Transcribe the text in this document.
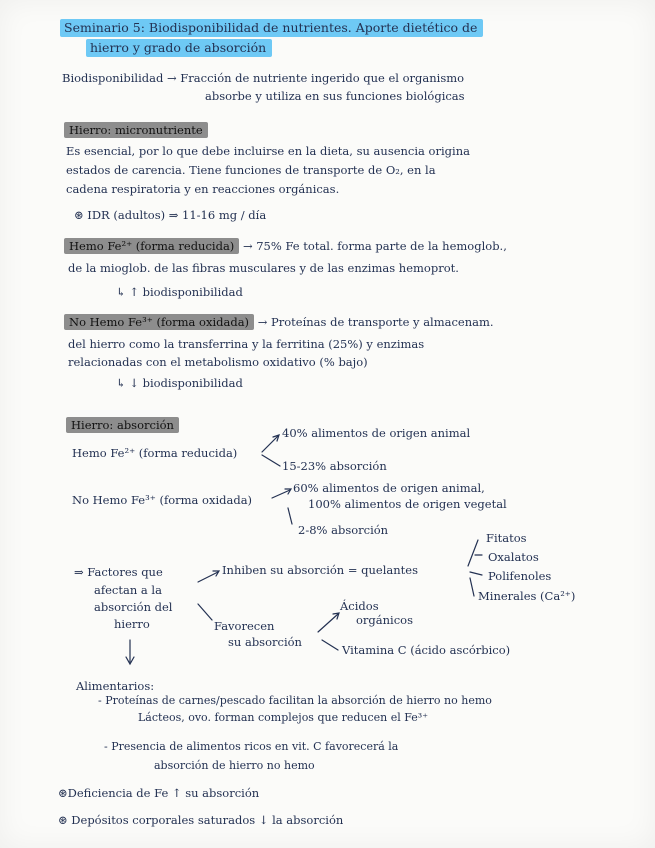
Seminario 5: Biodisponibilidad de nutrientes. Aporte dietético de
hierro y grado de absorción
Biodisponibilidad → Fracción de nutriente ingerido que el organismo
absorbe y utiliza en sus funciones biológicas
Hierro: micronutriente
Es esencial, por lo que debe incluirse en la dieta, su ausencia origina
estados de carencia. Tiene funciones de transporte de O₂, en la
cadena respiratoria y en reacciones orgánicas.
⊛ IDR (adultos) ⇒ 11-16 mg / día
Hemo Fe²⁺ (forma reducida) → 75% Fe total. forma parte de la hemoglob.,
de la mioglob. de las fibras musculares y de las enzimas hemoprot.
↳ ↑ biodisponibilidad
No Hemo Fe³⁺ (forma oxidada) → Proteínas de transporte y almacenam.
del hierro como la transferrina y la ferritina (25%) y enzimas
relacionadas con el metabolismo oxidativo (% bajo)
↳ ↓ biodisponibilidad
Hierro: absorción
Hemo Fe²⁺ (forma reducida)
40% alimentos de origen animal
15-23% absorción
No Hemo Fe³⁺ (forma oxidada)
60% alimentos de origen animal,
100% alimentos de origen vegetal
2-8% absorción
⇒ Factores que
afectan a la
absorción del
hierro
Inhiben su absorción = quelantes
Fitatos
Oxalatos
Polifenoles
Minerales (Ca²⁺)
Favorecen
su absorción
Ácidos
orgánicos
Vitamina C (ácido ascórbico)
Alimentarios:
- Proteínas de carnes/pescado facilitan la absorción de hierro no hemo
Lácteos, ovo. forman complejos que reducen el Fe³⁺
- Presencia de alimentos ricos en vit. C favorecerá la
absorción de hierro no hemo
⊛Deficiencia de Fe ↑ su absorción
⊛ Depósitos corporales saturados ↓ la absorción
